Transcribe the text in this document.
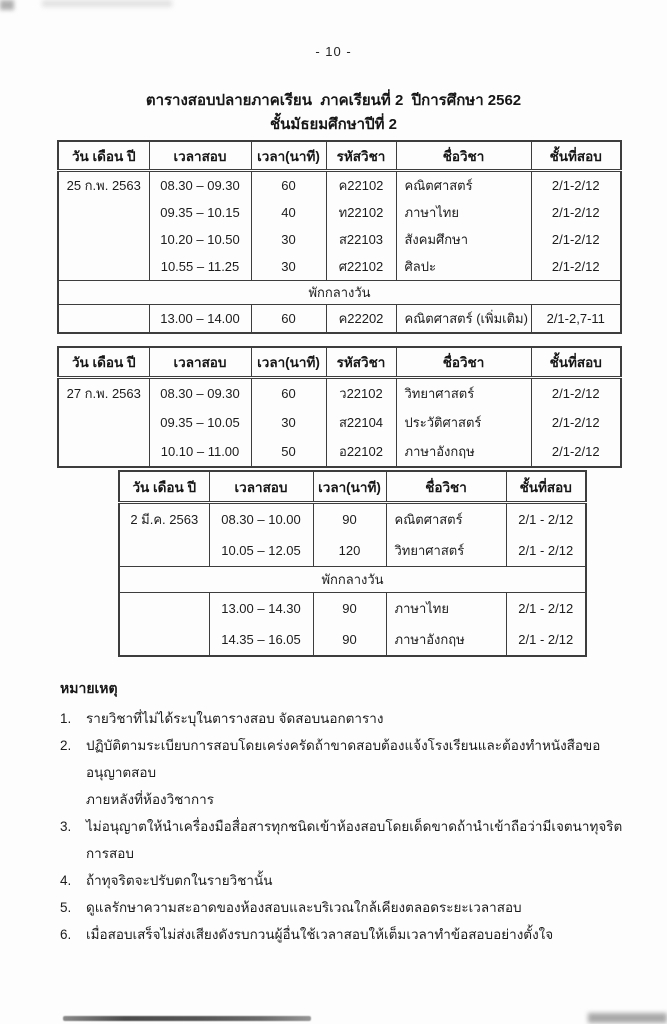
- 10 -
ตารางสอบปลายภาคเรียน  ภาคเรียนที่ 2  ปีการศึกษา 2562
ชั้นมัธยมศึกษาปีที่ 2
วัน เดือน ปี	เวลาสอบ	เวลา(นาที)	รหัสวิชา	ชื่อวิชา	ชั้นที่สอบ
25 ก.พ. 2563	08.30 – 09.30	60	ค22102	คณิตศาสตร์	2/1-2/12
	09.35 – 10.15	40	ท22102	ภาษาไทย	2/1-2/12
	10.20 – 10.50	30	ส22103	สังคมศึกษา	2/1-2/12
	10.55 – 11.25	30	ศ22102	ศิลปะ	2/1-2/12
พักกลางวัน					
	13.00 – 14.00	60	ค22202	คณิตศาสตร์ (เพิ่มเติม)	2/1-2,7-11
วัน เดือน ปี	เวลาสอบ	เวลา(นาที)	รหัสวิชา	ชื่อวิชา	ชั้นที่สอบ
27 ก.พ. 2563	08.30 – 09.30	60	ว22102	วิทยาศาสตร์	2/1-2/12
	09.35 – 10.05	30	ส22104	ประวัติศาสตร์	2/1-2/12
	10.10 – 11.00	50	อ22102	ภาษาอังกฤษ	2/1-2/12
วัน เดือน ปี	เวลาสอบ	เวลา(นาที)	ชื่อวิชา	ชั้นที่สอบ
2 มี.ค. 2563	08.30 – 10.00	90	คณิตศาสตร์	2/1 - 2/12
	10.05 – 12.05	120	วิทยาศาสตร์	2/1 - 2/12
พักกลางวัน				
	13.00 – 14.30	90	ภาษาไทย	2/1 - 2/12
	14.35 – 16.05	90	ภาษาอังกฤษ	2/1 - 2/12
หมายเหตุ
1.	รายวิชาที่ไม่ได้ระบุในตารางสอบ จัดสอบนอกตาราง
2.	ปฏิบัติตามระเบียบการสอบโดยเคร่งครัดถ้าขาดสอบต้องแจ้งโรงเรียนและต้องทำหนังสือขออนุญาตสอบ
ภายหลังที่ห้องวิชาการ
3.	ไม่อนุญาตให้นำเครื่องมือสื่อสารทุกชนิดเข้าห้องสอบโดยเด็ดขาดถ้านำเข้าถือว่ามีเจตนาทุจริตการสอบ
4.	ถ้าทุจริตจะปรับตกในรายวิชานั้น
5.	ดูแลรักษาความสะอาดของห้องสอบและบริเวณใกล้เคียงตลอดระยะเวลาสอบ
6.	เมื่อสอบเสร็จไม่ส่งเสียงดังรบกวนผู้อื่นใช้เวลาสอบให้เต็มเวลาทำข้อสอบอย่างตั้งใจ
